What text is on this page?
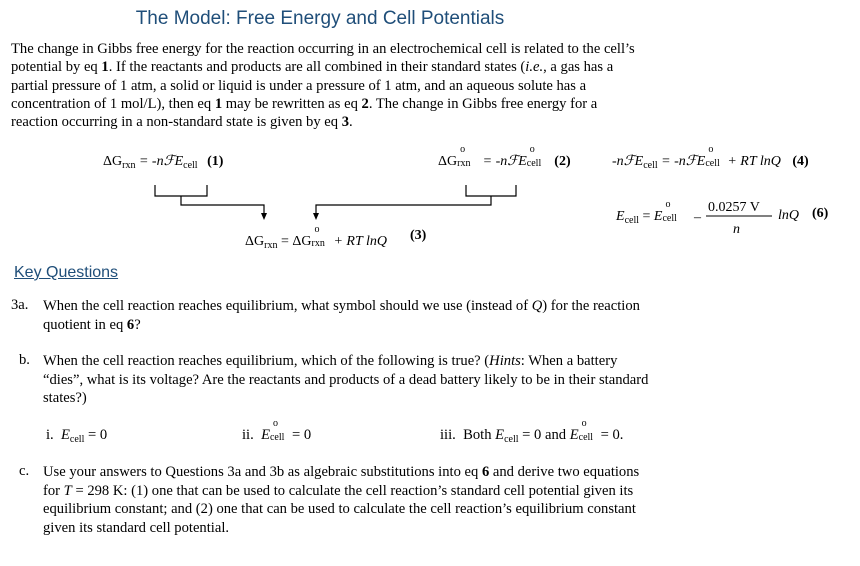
The Model: Free Energy and Cell Potentials
The change in Gibbs free energy for the reaction occurring in an electrochemical cell is related to the cell’s potential by eq 1. If the reactants and products are all combined in their standard states (i.e., a gas has a partial pressure of 1 atm, a solid or liquid is under a pressure of 1 atm, and an aqueous solute has a concentration of 1 mol/L), then eq 1 may be rewritten as eq 2. The change in Gibbs free energy for a reaction occurring in a non-standard state is given by eq 3.
$\Delta G_{rxn}$ = -nℱE$_{cell}$ (1)	ΔG
o
rxn = -nℱE
o
cell (2)	-nℱE$_{cell}$ = -nℱE
o
cell + RT lnQ (4)
$E_{cell} = E$
o
cell –
0.0257 V
n
lnQ (6)
$\Delta G_{rxn} = \Delta G$
o
rxn + RT lnQ (3)
Key Questions
3a. When the cell reaction reaches equilibrium, what symbol should we use (instead of Q) for the reaction quotient in eq 6?
b. When the cell reaction reaches equilibrium, which of the following is true? (Hints: When a battery “dies”, what is its voltage? Are the reactants and products of a dead battery likely to be in their standard states?)
i. $E_{cell} = 0$	ii. E
o
cell = 0	iii. Both $E_{cell} = 0$ and E
o
cell = 0.
c. Use your answers to Questions 3a and 3b as algebraic substitutions into eq 6 and derive two equations for T = 298 K: (1) one that can be used to calculate the cell reaction’s standard cell potential given its equilibrium constant; and (2) one that can be used to calculate the cell reaction’s equilibrium constant given its standard cell potential.
